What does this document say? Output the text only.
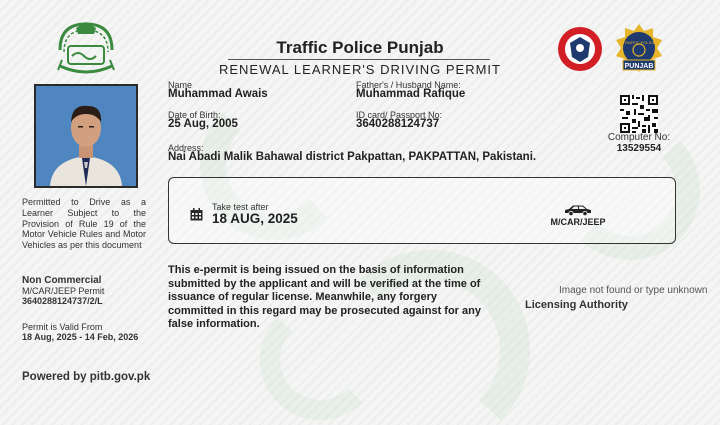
PUNJAB
TRAFFIC POLICE
Traffic Police Punjab
RENEWAL LEARNER'S DRIVING PERMIT
Permitted to Drive as a Learner Subject to the Provision of Rule 19 of the Motor Vehicle Rules and Motor Vehicles as per this document
Non Commercial
M/CAR/JEEP Permit
3640288124737/2/L
Permit is Valid From
18 Aug, 2025 - 14 Feb, 2026
Powered by pitb.gov.pk
Name
Muhammad Awais
Father's / Husband Name:
Muhammad Rafique
Date of Birth:
25 Aug, 2005
ID card/ Passport No:
3640288124737
Address:
Nai Abadi Malik Bahawal district Pakpattan, PAKPATTAN, Pakistani.
Computer No:
13529554
Take test after
18 AUG, 2025	M/CAR/JEEP
This e-permit is being issued on the basis of information submitted by the applicant and will be verified at the time of issuance of regular license. Meanwhile, any forgery committed in this regard may be prosecuted against for any false information.
Image not found or type unknown
Licensing Authority
